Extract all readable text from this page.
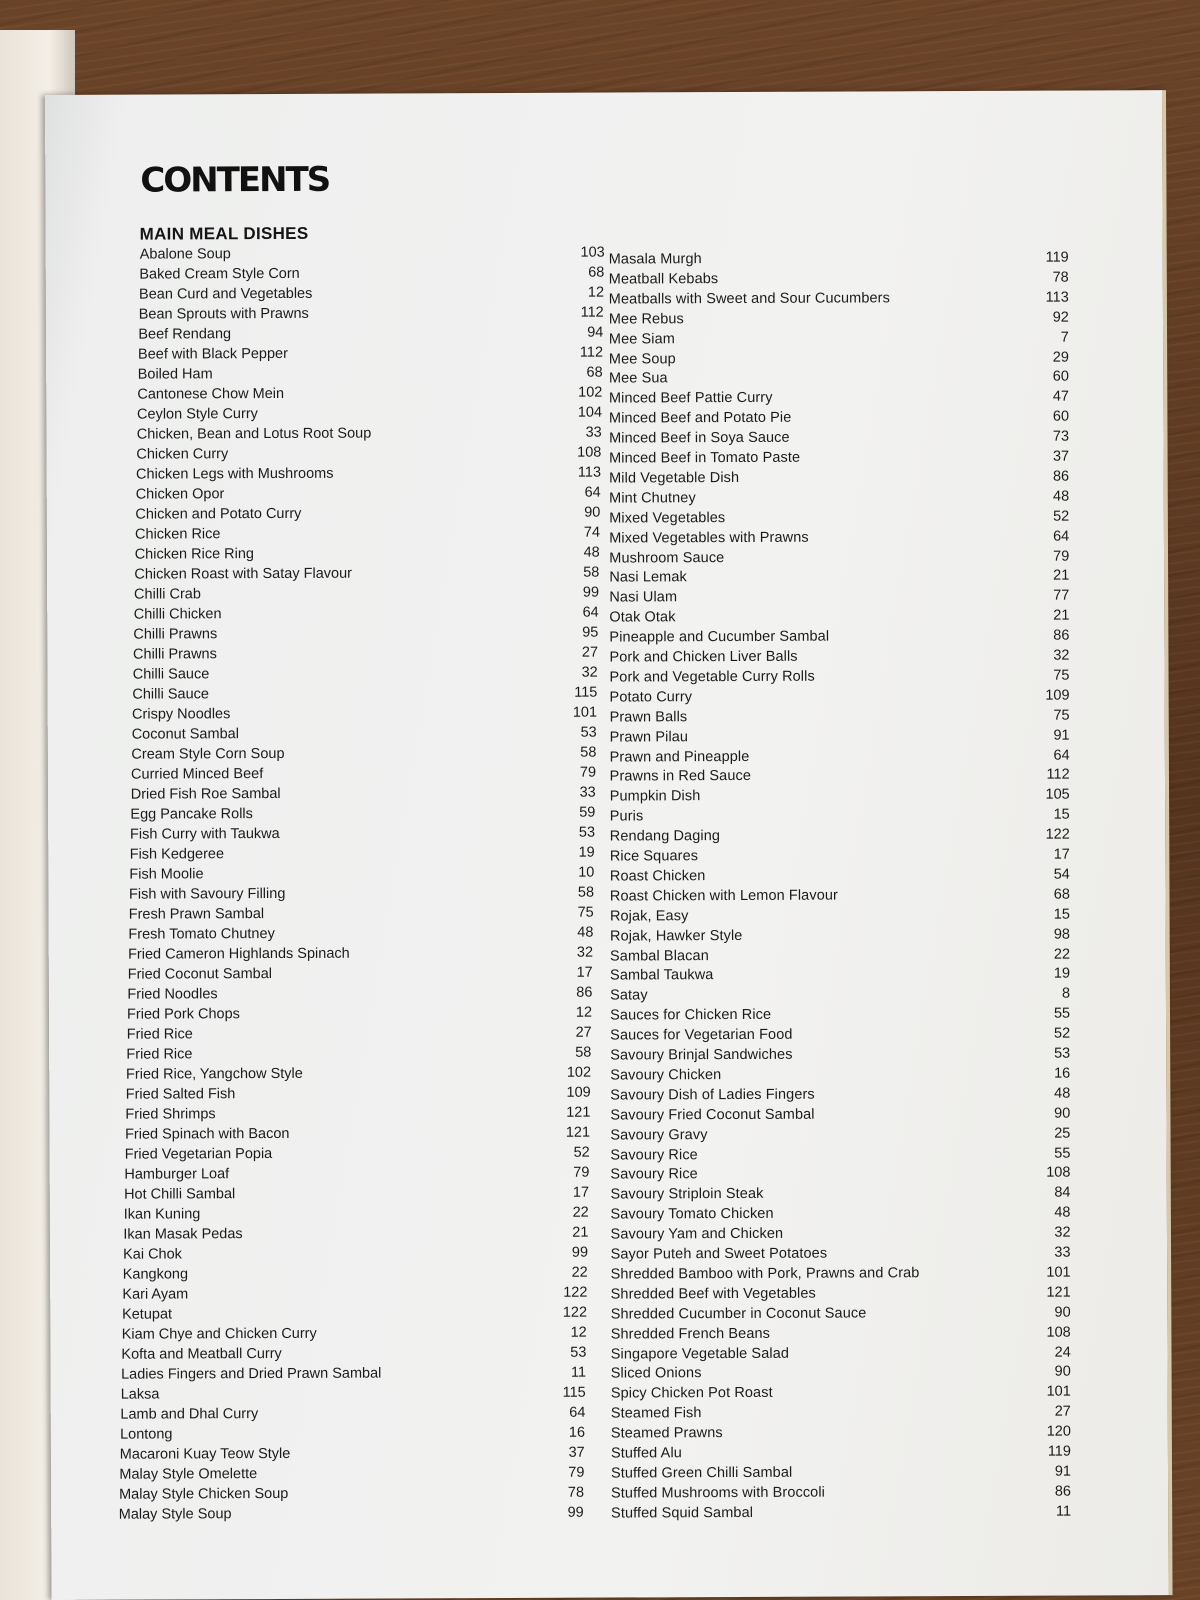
CONTENTS
MAIN MEAL DISHES
Abalone Soup	103
Baked Cream Style Corn	68
Bean Curd and Vegetables	12
Bean Sprouts with Prawns	112
Beef Rendang	94
Beef with Black Pepper	112
Boiled Ham	68
Cantonese Chow Mein	102
Ceylon Style Curry	104
Chicken, Bean and Lotus Root Soup	33
Chicken Curry	108
Chicken Legs with Mushrooms	113
Chicken Opor	64
Chicken and Potato Curry	90
Chicken Rice	74
Chicken Rice Ring	48
Chicken Roast with Satay Flavour	58
Chilli Crab	99
Chilli Chicken	64
Chilli Prawns	95
Chilli Prawns	27
Chilli Sauce	32
Chilli Sauce	115
Crispy Noodles	101
Coconut Sambal	53
Cream Style Corn Soup	58
Curried Minced Beef	79
Dried Fish Roe Sambal	33
Egg Pancake Rolls	59
Fish Curry with Taukwa	53
Fish Kedgeree	19
Fish Moolie	10
Fish with Savoury Filling	58
Fresh Prawn Sambal	75
Fresh Tomato Chutney	48
Fried Cameron Highlands Spinach	32
Fried Coconut Sambal	17
Fried Noodles	86
Fried Pork Chops	12
Fried Rice	27
Fried Rice	58
Fried Rice, Yangchow Style	102
Fried Salted Fish	109
Fried Shrimps	121
Fried Spinach with Bacon	121
Fried Vegetarian Popia	52
Hamburger Loaf	79
Hot Chilli Sambal	17
Ikan Kuning	22
Ikan Masak Pedas	21
Kai Chok	99
Kangkong	22
Kari Ayam	122
Ketupat	122
Kiam Chye and Chicken Curry	12
Kofta and Meatball Curry	53
Ladies Fingers and Dried Prawn Sambal	11
Laksa	115
Lamb and Dhal Curry	64
Lontong	16
Macaroni Kuay Teow Style	37
Malay Style Omelette	79
Malay Style Chicken Soup	78
Malay Style Soup	99
Masala Murgh	119
Meatball Kebabs	78
Meatballs with Sweet and Sour Cucumbers	113
Mee Rebus	92
Mee Siam	7
Mee Soup	29
Mee Sua	60
Minced Beef Pattie Curry	47
Minced Beef and Potato Pie	60
Minced Beef in Soya Sauce	73
Minced Beef in Tomato Paste	37
Mild Vegetable Dish	86
Mint Chutney	48
Mixed Vegetables	52
Mixed Vegetables with Prawns	64
Mushroom Sauce	79
Nasi Lemak	21
Nasi Ulam	77
Otak Otak	21
Pineapple and Cucumber Sambal	86
Pork and Chicken Liver Balls	32
Pork and Vegetable Curry Rolls	75
Potato Curry	109
Prawn Balls	75
Prawn Pilau	91
Prawn and Pineapple	64
Prawns in Red Sauce	112
Pumpkin Dish	105
Puris	15
Rendang Daging	122
Rice Squares	17
Roast Chicken	54
Roast Chicken with Lemon Flavour	68
Rojak, Easy	15
Rojak, Hawker Style	98
Sambal Blacan	22
Sambal Taukwa	19
Satay	8
Sauces for Chicken Rice	55
Sauces for Vegetarian Food	52
Savoury Brinjal Sandwiches	53
Savoury Chicken	16
Savoury Dish of Ladies Fingers	48
Savoury Fried Coconut Sambal	90
Savoury Gravy	25
Savoury Rice	55
Savoury Rice	108
Savoury Striploin Steak	84
Savoury Tomato Chicken	48
Savoury Yam and Chicken	32
Sayor Puteh and Sweet Potatoes	33
Shredded Bamboo with Pork, Prawns and Crab	101
Shredded Beef with Vegetables	121
Shredded Cucumber in Coconut Sauce	90
Shredded French Beans	108
Singapore Vegetable Salad	24
Sliced Onions	90
Spicy Chicken Pot Roast	101
Steamed Fish	27
Steamed Prawns	120
Stuffed Alu	119
Stuffed Green Chilli Sambal	91
Stuffed Mushrooms with Broccoli	86
Stuffed Squid Sambal	11
